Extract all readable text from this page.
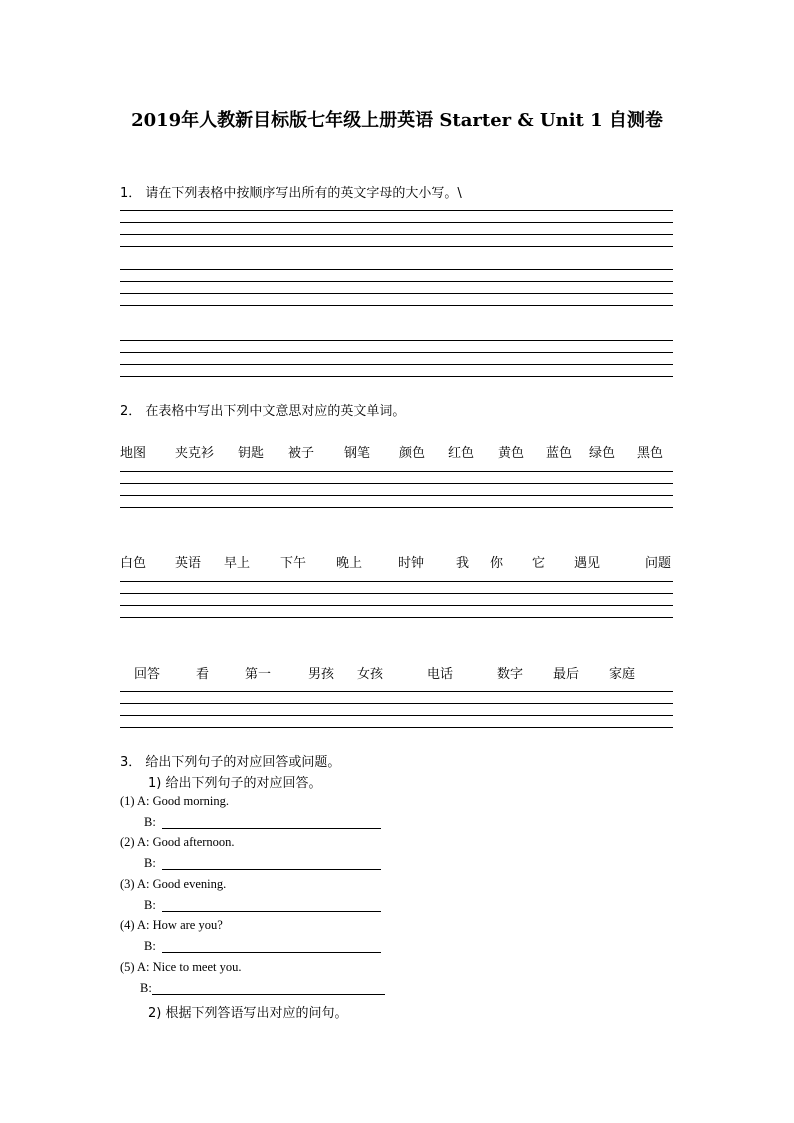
2019年人教新目标版七年级上册英语 Starter & Unit 1 自测卷
1． 请在下列表格中按顺序写出所有的英文字母的大小写。\
2． 在表格中写出下列中文意思对应的英文单词。
地图 夹克衫 钥匙 被子 钢笔 颜色 红色 黄色 蓝色 绿色 黑色
白色 英语 早上 下午 晚上	时钟 我 你 它 遇见	问题
回答	看	第一	男孩 女孩	电话	数字 最后 家庭
3． 给出下列句子的对应回答或问题。
1) 给出下列句子的对应回答。
(1) A: Good morning.
B:
(2) A: Good afternoon.
B:
(3) A: Good evening.
B:
(4) A: How are you?
B:
(5) A: Nice to meet you.
B:
2) 根据下列答语写出对应的问句。
